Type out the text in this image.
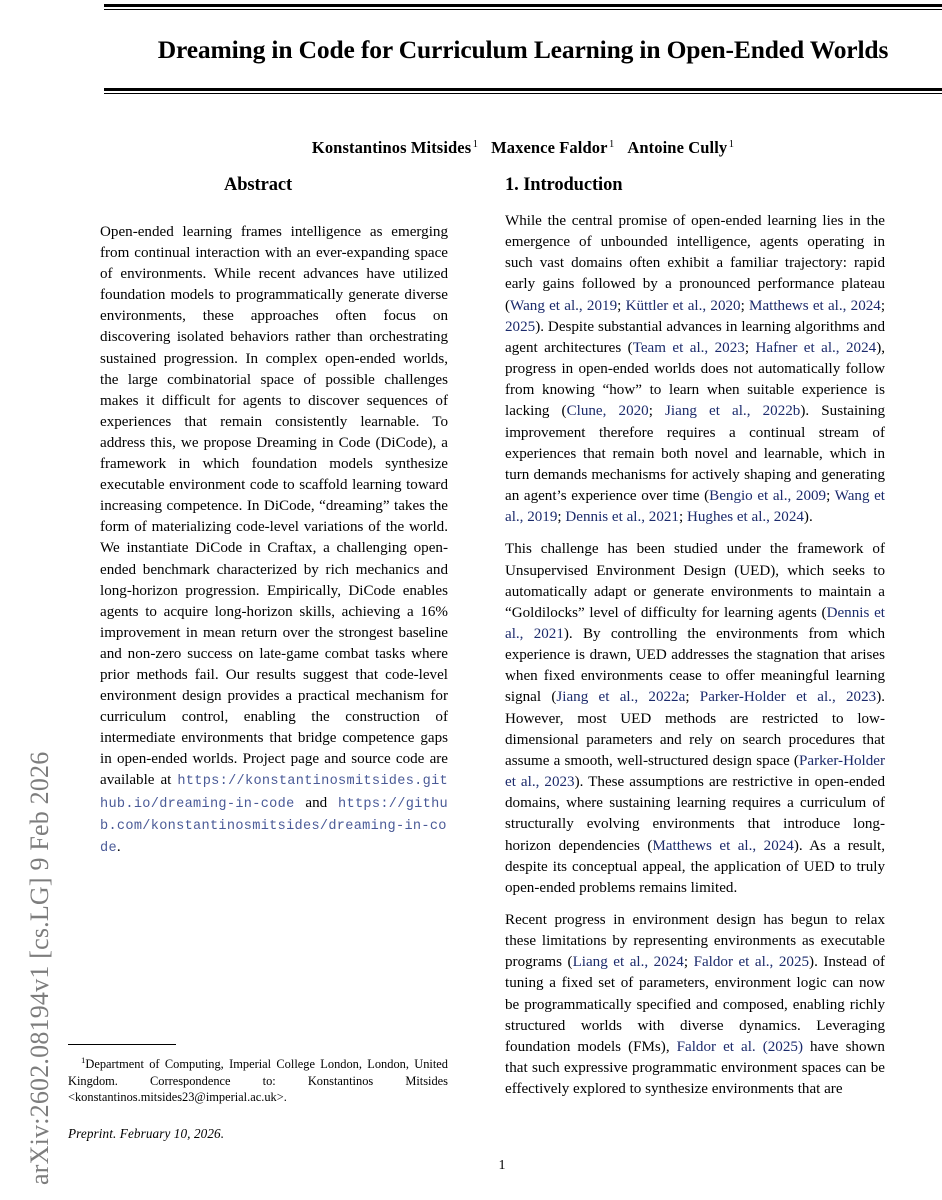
arXiv:2602.08194v1 [cs.LG] 9 Feb 2026
Dreaming in Code for Curriculum Learning in Open-Ended Worlds
Konstantinos Mitsides $^1$ Maxence Faldor $^1$ Antoine Cully $^1$
Abstract
Open-ended learning frames intelligence as emerging from continual interaction with an ever-expanding space of environments. While recent advances have utilized foundation models to programmatically generate diverse environments, these approaches often focus on discovering isolated behaviors rather than orchestrating sustained progression. In complex open-ended worlds, the large combinatorial space of possible challenges makes it difficult for agents to discover sequences of experiences that remain consistently learnable. To address this, we propose Dreaming in Code (DiCode), a framework in which foundation models synthesize executable environment code to scaffold learning toward increasing competence. In DiCode, “dreaming” takes the form of materializing code-level variations of the world. We instantiate DiCode in Craftax, a challenging open-ended benchmark characterized by rich mechanics and long-horizon progression. Empirically, DiCode enables agents to acquire long-horizon skills, achieving a 16% improvement in mean return over the strongest baseline and non-zero success on late-game combat tasks where prior methods fail. Our results suggest that code-level environment design provides a practical mechanism for curriculum control, enabling the construction of intermediate environments that bridge competence gaps in open-ended worlds. Project page and source code are available at https://konstantinosmitsides.github.io/dreaming-in-code and https://github.com/konstantinosmitsides/dreaming-in-code.
1. Introduction

While the central promise of open-ended learning lies in the emergence of unbounded intelligence, agents operating in such vast domains often exhibit a familiar trajectory: rapid early gains followed by a pronounced performance plateau (Wang et al., 2019; Küttler et al., 2020; Matthews et al., 2024; 2025). Despite substantial advances in learning algorithms and agent architectures (Team et al., 2023; Hafner et al., 2024), progress in open-ended worlds does not automatically follow from knowing “how” to learn when suitable experience is lacking (Clune, 2020; Jiang et al., 2022b). Sustaining improvement therefore requires a continual stream of experiences that remain both novel and learnable, which in turn demands mechanisms for actively shaping and generating an agent’s experience over time (Bengio et al., 2009; Wang et al., 2019; Dennis et al., 2021; Hughes et al., 2024).

This challenge has been studied under the framework of Unsupervised Environment Design (UED), which seeks to automatically adapt or generate environments to maintain a “Goldilocks” level of difficulty for learning agents (Dennis et al., 2021). By controlling the environments from which experience is drawn, UED addresses the stagnation that arises when fixed environments cease to offer meaningful learning signal (Jiang et al., 2022a; Parker-Holder et al., 2023). However, most UED methods are restricted to low-dimensional parameters and rely on search procedures that assume a smooth, well-structured design space (Parker-Holder et al., 2023). These assumptions are restrictive in open-ended domains, where sustaining learning requires a curriculum of structurally evolving environments that introduce long-horizon dependencies (Matthews et al., 2024). As a result, despite its conceptual appeal, the application of UED to truly open-ended problems remains limited.

Recent progress in environment design has begun to relax these limitations by representing environments as executable programs (Liang et al., 2024; Faldor et al., 2025). Instead of tuning a fixed set of parameters, environment logic can now be programmatically specified and composed, enabling richly structured worlds with diverse dynamics. Leveraging foundation models (FMs), Faldor et al. (2025) have shown that such expressive programmatic environment spaces can be effectively explored to synthesize environments that are

$^1$Department of Computing, Imperial College London, London, United Kingdom. Correspondence to: Konstantinos Mitsides <konstantinos.mitsides23@imperial.ac.uk>.
Preprint. February 10, 2026.
1
